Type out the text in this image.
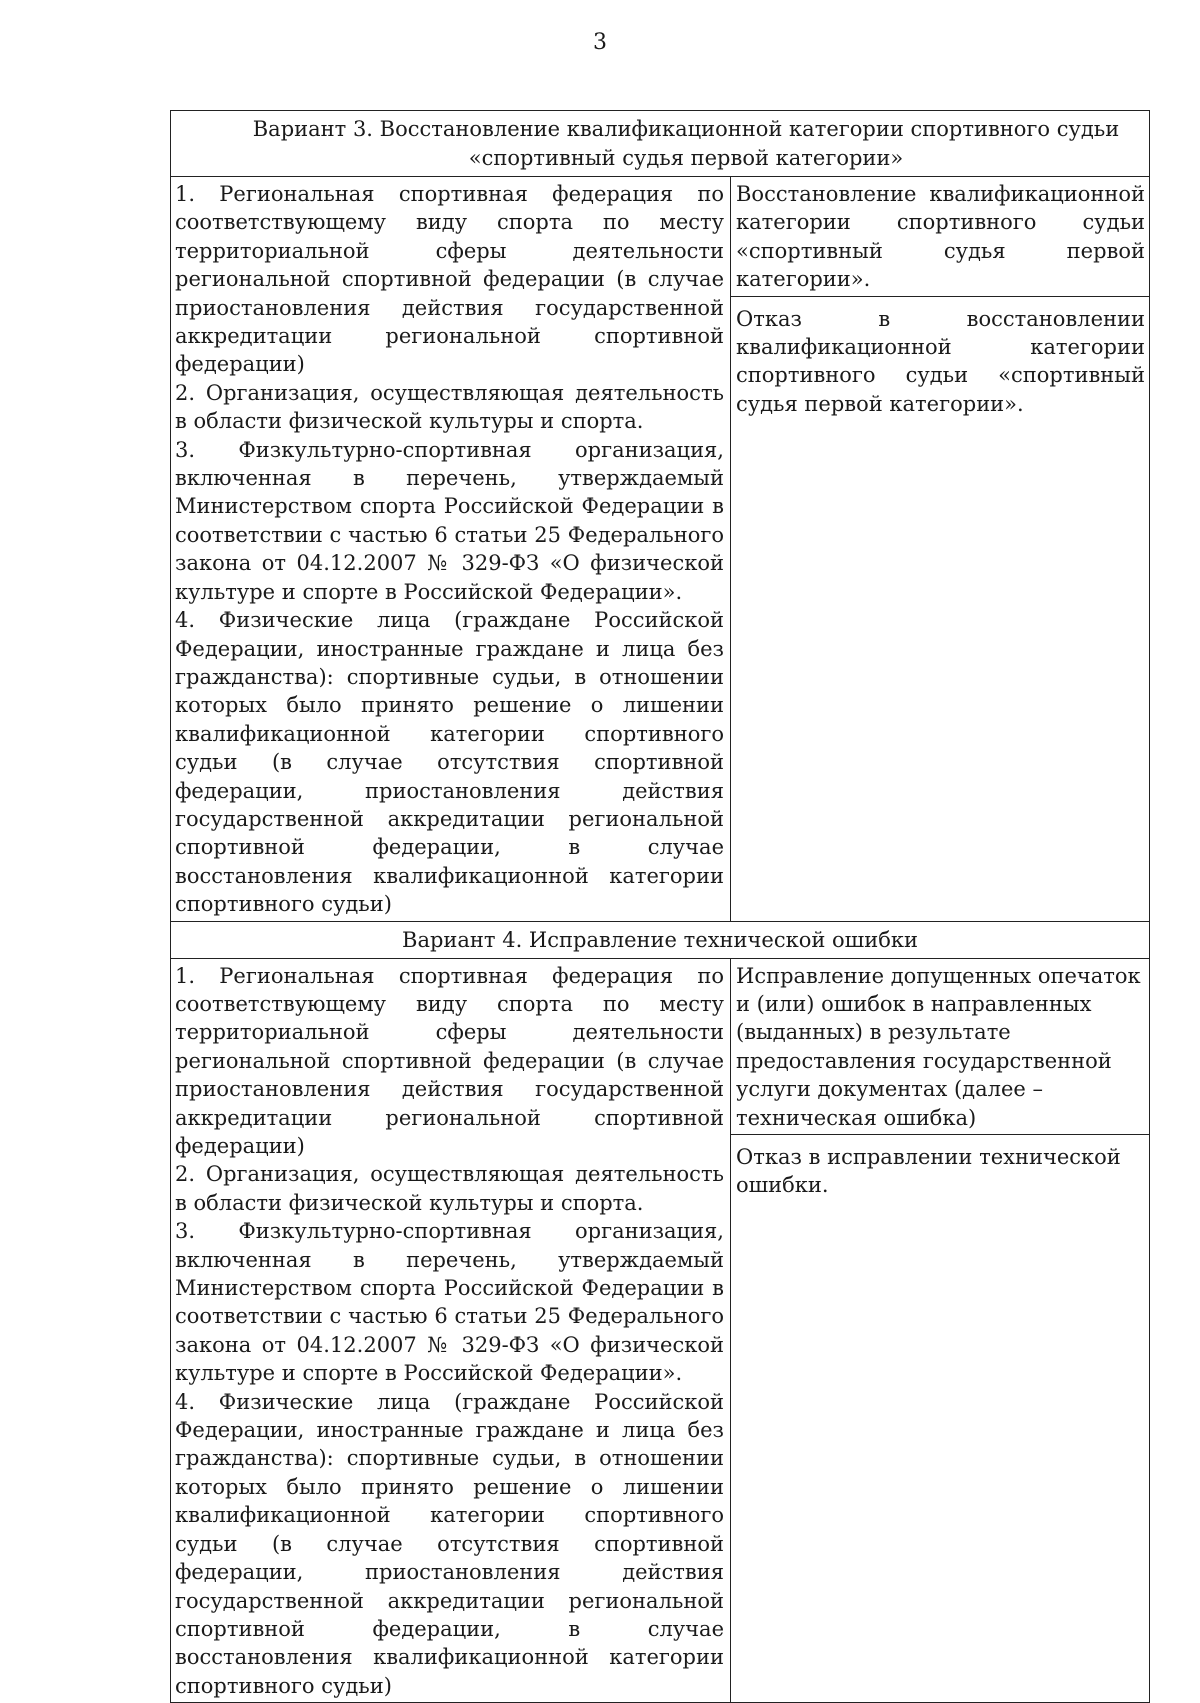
3
Вариант 3. Восстановление квалификационной категории спортивного судьи
«спортивный судья первой категории»

1. Региональная спортивная федерация по соответствующему виду спорта по месту территориальной сферы деятельности региональной спортивной федерации (в случае приостановления действия государственной аккредитации региональной спортивной федерации)

2. Организация, осуществляющая деятельность в области физической культуры и спорта.

3. Физкультурно-спортивная организация, включенная в перечень, утверждаемый Министерством спорта Российской Федерации в соответствии с частью 6 статьи 25 Федерального закона от 04.12.2007 № 329-ФЗ «О физической культуре и спорте в Российской Федерации».

4. Физические лица (граждане Российской Федерации, иностранные граждане и лица без гражданства): спортивные судьи, в отношении которых было принято решение о лишении квалификационной категории спортивного судьи (в случае отсутствия спортивной федерации, приостановления действия государственной аккредитации региональной спортивной федерации, в случае восстановления квалификационной категории спортивного судьи)

Восстановление квалификационной категории спортивного судьи «спортивный судья первой категории».

Отказ в восстановлении квалификационной категории спортивного судьи «спортивный судья первой категории».

Вариант 4. Исправление технической ошибки

1. Региональная спортивная федерация по соответствующему виду спорта по месту территориальной сферы деятельности региональной спортивной федерации (в случае приостановления действия государственной аккредитации региональной спортивной федерации)

2. Организация, осуществляющая деятельность в области физической культуры и спорта.

3. Физкультурно-спортивная организация, включенная в перечень, утверждаемый Министерством спорта Российской Федерации в соответствии с частью 6 статьи 25 Федерального закона от 04.12.2007 № 329-ФЗ «О физической культуре и спорте в Российской Федерации».

4. Физические лица (граждане Российской Федерации, иностранные граждане и лица без гражданства): спортивные судьи, в отношении которых было принято решение о лишении квалификационной категории спортивного судьи (в случае отсутствия спортивной федерации, приостановления действия государственной аккредитации региональной спортивной федерации, в случае восстановления квалификационной категории спортивного судьи)

Исправление допущенных опечаток и (или) ошибок в направленных (выданных) в результате предоставления государственной услуги документах (далее – техническая ошибка)

Отказ в исправлении технической ошибки.
